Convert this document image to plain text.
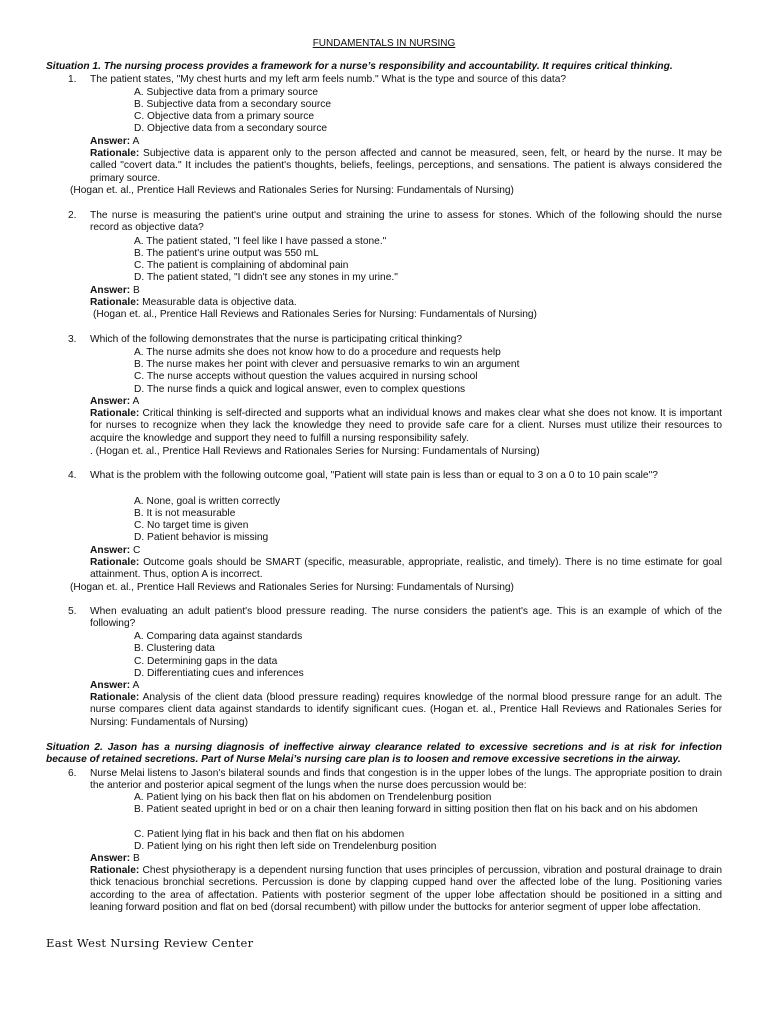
FUNDAMENTALS IN NURSING
Situation 1. The nursing process provides a framework for a nurse’s responsibility and accountability. It requires critical thinking.
1. The patient states, "My chest hurts and my left arm feels numb." What is the type and source of this data?
A. Subjective data from a primary source
B. Subjective data from a secondary source
C. Objective data from a primary source
D. Objective data from a secondary source
Answer: A
Rationale: Subjective data is apparent only to the person affected and cannot be measured, seen, felt, or heard by the nurse. It may be called "covert data." It includes the patient's thoughts, beliefs, feelings, perceptions, and sensations. The patient is always considered the primary source.
(Hogan et. al., Prentice Hall Reviews and Rationales Series for Nursing: Fundamentals of Nursing)
2. The nurse is measuring the patient's urine output and straining the urine to assess for stones. Which of the following should the nurse record as objective data?
A. The patient stated, "I feel like I have passed a stone."
B. The patient's urine output was 550 mL
C. The patient is complaining of abdominal pain
D. The patient stated, "I didn't see any stones in my urine."
Answer: B
Rationale: Measurable data is objective data.
(Hogan et. al., Prentice Hall Reviews and Rationales Series for Nursing: Fundamentals of Nursing)
3. Which of the following demonstrates that the nurse is participating critical thinking?
A. The nurse admits she does not know how to do a procedure and requests help
B. The nurse makes her point with clever and persuasive remarks to win an argument
C. The nurse accepts without question the values acquired in nursing school
D. The nurse finds a quick and logical answer, even to complex questions
Answer: A
Rationale: Critical thinking is self-directed and supports what an individual knows and makes clear what she does not know. It is important for nurses to recognize when they lack the knowledge they need to provide safe care for a client. Nurses must utilize their resources to acquire the knowledge and support they need to fulfill a nursing responsibility safely.
. (Hogan et. al., Prentice Hall Reviews and Rationales Series for Nursing: Fundamentals of Nursing)
4. What is the problem with the following outcome goal, "Patient will state pain is less than or equal to 3 on a 0 to 10 pain scale"?
A. None, goal is written correctly
B. It is not measurable
C. No target time is given
D. Patient behavior is missing
Answer: C
Rationale: Outcome goals should be SMART (specific, measurable, appropriate, realistic, and timely). There is no time estimate for goal attainment. Thus, option A is incorrect.
(Hogan et. al., Prentice Hall Reviews and Rationales Series for Nursing: Fundamentals of Nursing)
5. When evaluating an adult patient's blood pressure reading. The nurse considers the patient's age. This is an example of which of the following?
A. Comparing data against standards
B. Clustering data
C. Determining gaps in the data
D. Differentiating cues and inferences
Answer: A
Rationale: Analysis of the client data (blood pressure reading) requires knowledge of the normal blood pressure range for an adult. The nurse compares client data against standards to identify significant cues. (Hogan et. al., Prentice Hall Reviews and Rationales Series for Nursing: Fundamentals of Nursing)
Situation 2. Jason has a nursing diagnosis of ineffective airway clearance related to excessive secretions and is at risk for infection because of retained secretions. Part of Nurse Melai’s nursing care plan is to loosen and remove excessive secretions in the airway.
6. Nurse Melai listens to Jason's bilateral sounds and finds that congestion is in the upper lobes of the lungs. The appropriate position to drain the anterior and posterior apical segment of the lungs when the nurse does percussion would be:
A. Patient lying on his back then flat on his abdomen on Trendelenburg position
B. Patient seated upright in bed or on a chair then leaning forward in sitting position then flat on his back and on his abdomen
C. Patient lying flat in his back and then flat on his abdomen
D. Patient lying on his right then left side on Trendelenburg position
Answer: B
Rationale: Chest physiotherapy is a dependent nursing function that uses principles of percussion, vibration and postural drainage to drain thick tenacious bronchial secretions. Percussion is done by clapping cupped hand over the affected lobe of the lung. Positioning varies according to the area of affectation. Patients with posterior segment of the upper lobe affectation should be positioned in a sitting and leaning forward position and flat on bed (dorsal recumbent) with pillow under the buttocks for anterior segment of upper lobe affectation.
East West Nursing Review Center
